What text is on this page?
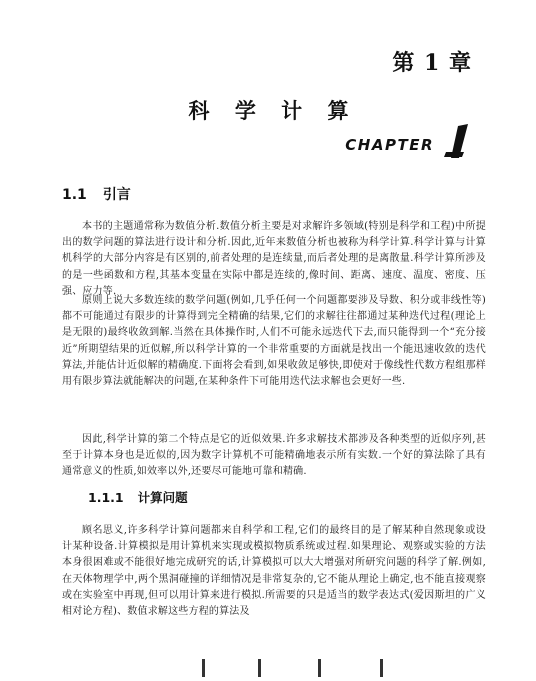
第 1 章
科 学 计 算
CHAPTER
1.1 引言

本书的主题通常称为数值分析.数值分析主要是对求解许多领域(特别是科学和工程)中所提出的数学问题的算法进行设计和分析.因此,近年来数值分析也被称为科学计算.科学计算与计算机科学的大部分内容是有区别的,前者处理的是连续量,而后者处理的是离散量.科学计算所涉及的是一些函数和方程,其基本变量在实际中都是连续的,像时间、距离、速度、温度、密度、压强、应力等.

原则上说大多数连续的数学问题(例如,几乎任何一个问题都要涉及导数、积分或非线性等)都不可能通过有限步的计算得到完全精确的结果,它们的求解往往都通过某种迭代过程(理论上是无限的)最终收敛到解.当然在具体操作时,人们不可能永远迭代下去,而只能得到一个“充分接近”所期望结果的近似解,所以科学计算的一个非常重要的方面就是找出一个能迅速收敛的迭代算法,并能估计近似解的精确度.下面将会看到,如果收敛足够快,即使对于像线性代数方程组那样用有限步算法就能解决的问题,在某种条件下可能用迭代法求解也会更好一些.

因此,科学计算的第二个特点是它的近似效果.许多求解技术都涉及各种类型的近似序列,甚至于计算本身也是近似的,因为数字计算机不可能精确地表示所有实数.一个好的算法除了具有通常意义的性质,如效率以外,还要尽可能地可靠和精确.

1.1.1 计算问题

顾名思义,许多科学计算问题都来自科学和工程,它们的最终目的是了解某种自然现象或设计某种设备.计算模拟是用计算机来实现或模拟物质系统或过程.如果理论、观察或实验的方法本身很困难或不能很好地完成研究的话,计算模拟可以大大增强对所研究问题的科学了解.例如,在天体物理学中,两个黑洞碰撞的详细情况是非常复杂的,它不能从理论上确定,也不能直接观察或在实验室中再现,但可以用计算来进行模拟.所需要的只是适当的数学表达式(爱因斯坦的广义相对论方程)、数值求解这些方程的算法及
